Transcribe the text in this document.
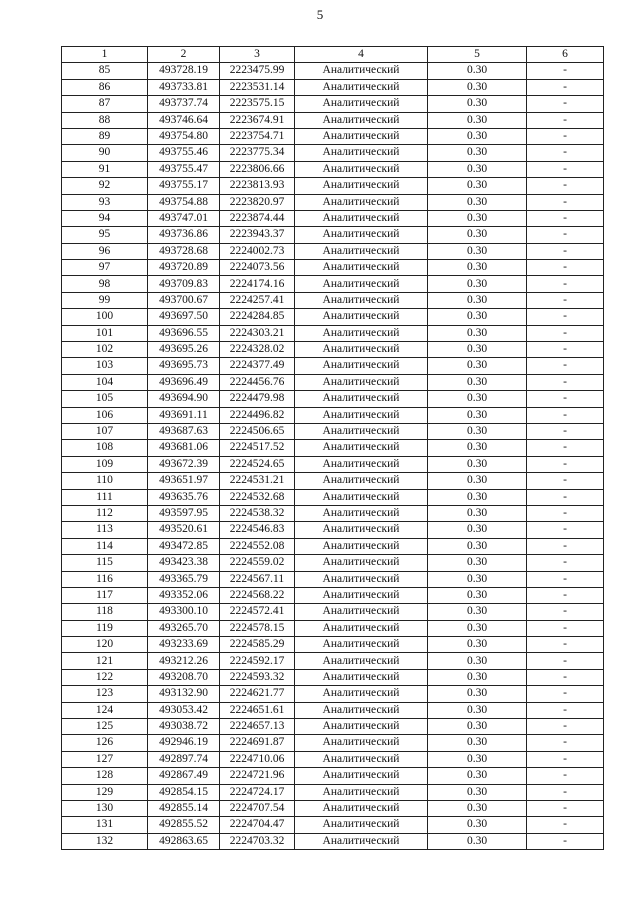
5
1	2	3	4	5	6
85	493728.19	2223475.99	Аналитический	0.30	-
86	493733.81	2223531.14	Аналитический	0.30	-
87	493737.74	2223575.15	Аналитический	0.30	-
88	493746.64	2223674.91	Аналитический	0.30	-
89	493754.80	2223754.71	Аналитический	0.30	-
90	493755.46	2223775.34	Аналитический	0.30	-
91	493755.47	2223806.66	Аналитический	0.30	-
92	493755.17	2223813.93	Аналитический	0.30	-
93	493754.88	2223820.97	Аналитический	0.30	-
94	493747.01	2223874.44	Аналитический	0.30	-
95	493736.86	2223943.37	Аналитический	0.30	-
96	493728.68	2224002.73	Аналитический	0.30	-
97	493720.89	2224073.56	Аналитический	0.30	-
98	493709.83	2224174.16	Аналитический	0.30	-
99	493700.67	2224257.41	Аналитический	0.30	-
100	493697.50	2224284.85	Аналитический	0.30	-
101	493696.55	2224303.21	Аналитический	0.30	-
102	493695.26	2224328.02	Аналитический	0.30	-
103	493695.73	2224377.49	Аналитический	0.30	-
104	493696.49	2224456.76	Аналитический	0.30	-
105	493694.90	2224479.98	Аналитический	0.30	-
106	493691.11	2224496.82	Аналитический	0.30	-
107	493687.63	2224506.65	Аналитический	0.30	-
108	493681.06	2224517.52	Аналитический	0.30	-
109	493672.39	2224524.65	Аналитический	0.30	-
110	493651.97	2224531.21	Аналитический	0.30	-
111	493635.76	2224532.68	Аналитический	0.30	-
112	493597.95	2224538.32	Аналитический	0.30	-
113	493520.61	2224546.83	Аналитический	0.30	-
114	493472.85	2224552.08	Аналитический	0.30	-
115	493423.38	2224559.02	Аналитический	0.30	-
116	493365.79	2224567.11	Аналитический	0.30	-
117	493352.06	2224568.22	Аналитический	0.30	-
118	493300.10	2224572.41	Аналитический	0.30	-
119	493265.70	2224578.15	Аналитический	0.30	-
120	493233.69	2224585.29	Аналитический	0.30	-
121	493212.26	2224592.17	Аналитический	0.30	-
122	493208.70	2224593.32	Аналитический	0.30	-
123	493132.90	2224621.77	Аналитический	0.30	-
124	493053.42	2224651.61	Аналитический	0.30	-
125	493038.72	2224657.13	Аналитический	0.30	-
126	492946.19	2224691.87	Аналитический	0.30	-
127	492897.74	2224710.06	Аналитический	0.30	-
128	492867.49	2224721.96	Аналитический	0.30	-
129	492854.15	2224724.17	Аналитический	0.30	-
130	492855.14	2224707.54	Аналитический	0.30	-
131	492855.52	2224704.47	Аналитический	0.30	-
132	492863.65	2224703.32	Аналитический	0.30	-
